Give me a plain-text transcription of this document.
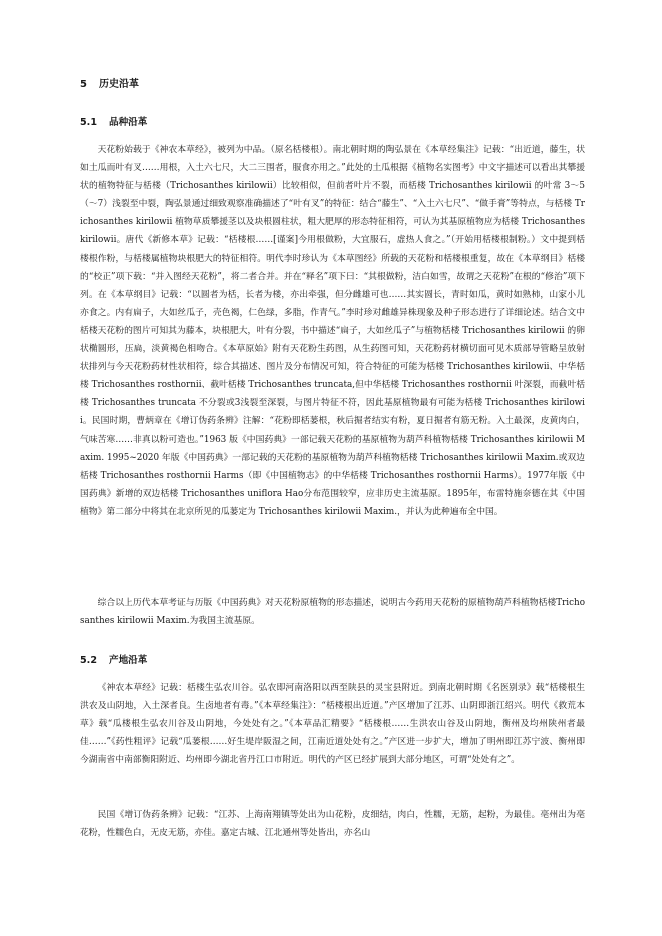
5 历史沿革
5.1 品种沿革

天花粉始载于《神农本草经》，被列为中品。（原名栝楼根）。南北朝时期的陶弘景在《本草经集注》记载：“出近道，藤生，状如土瓜而叶有叉……用根，入土六七尺，大二三围者，服食亦用之。”此处的土瓜根据《植物名实图考》中文字描述可以看出其攀援状的植物特征与栝楼（Trichosanthes kirilowii）比较相似，但前者叶片不裂，而栝楼 Trichosanthes kirilowii 的叶常 3～5（～7）浅裂至中裂，陶弘景通过细致观察准确描述了“叶有叉”的特征：结合“藤生”、“入土六七尺”、“做手膏”等特点，与栝楼 Trichosanthes kirilowii 植物草质攀援茎以及块根圆柱状，粗大肥厚的形态特征相符，可认为其基原植物应为栝楼 Trichosanthes kirilowii。唐代《新修本草》记载：“栝楼根……[谨案]今用根做粉，大宜服石，虚热人食之。”（开始用栝楼根制粉。）文中提到栝楼根作粉，与栝楼属植物块根肥大的特征相符。明代李时珍认为《本草图经》所载的天花粉和栝楼根重复，故在《本草纲目》栝楼的“校正”项下载：“并入图经天花粉”，将二者合并。并在“释名”项下曰：“其根做粉，洁白如雪，故谓之天花粉”在根的“修治”项下列。在《本草纲目》记载：“以圆者为栝，长者为楼，亦出牵强，但分雌雄可也……其实圆长，青时如瓜，黄时如熟柿，山家小儿亦食之。内有扁子，大如丝瓜子，壳色褐，仁色绿，多脂，作青气。”李时珍对雌雄异株现象及种子形态进行了详细论述。结合文中栝楼天花粉的图片可知其为藤本，块根肥大，叶有分裂，书中描述“扁子，大如丝瓜子”与植物栝楼 Trichosanthes kirilowii 的卵状椭圆形，压扁，淡黄褐色相吻合。《本草原始》附有天花粉生药图，从生药图可知，天花粉药材横切面可见木质部导管略呈放射状排列与今天花粉药材性状相符，综合其描述、图片及分布情况可知，符合特征的可能为栝楼 Trichosanthes kirilowii、中华栝楼 Trichosanthes rosthornii、截叶栝楼 Trichosanthes truncata,但中华栝楼 Trichosanthes rosthornii 叶深裂，而截叶栝楼 Trichosanthes truncata 不分裂或3浅裂至深裂，与图片特征不符，因此基原植物最有可能为栝楼 Trichosanthes kirilowii。民国时期，曹炳章在《增订伪药条辨》注解：“花粉即栝蒌根，秋后掘者结实有粉，夏日掘者有筋无粉。入土最深，皮黄肉白，气味苦寒……非真以粉可造也。”1963 版《中国药典》一部记载天花粉的基原植物为葫芦科植物栝楼 Trichosanthes kirilowii Maxim. 1995~2020 年版《中国药典》一部记载的天花粉的基原植物为葫芦科植物栝楼 Trichosanthes kirilowii Maxim.或双边栝楼 Trichosanthes rosthornii Harms（即《中国植物志》的中华栝楼 Trichosanthes rosthornii Harms）。1977年版《中国药典》新增的双边栝楼 Trichosanthes uniflora Hao分布范围较窄，应非历史主流基原。1895年，布雷特施奈德在其《中国植物》第二部分中将其在北京所见的瓜蒌定为 Trichosanthes kirilowii Maxim.，并认为此种遍布全中国。

综合以上历代本草考证与历版《中国药典》对天花粉原植物的形态描述，说明古今药用天花粉的原植物葫芦科植物栝楼Trichosanthes kirilowii Maxim.为我国主流基原。

5.2 产地沿革

《神农本草经》记载：栝楼生弘农川谷。弘农即河南洛阳以西至陕县的灵宝县附近。到南北朝时期《名医别录》载“栝楼根生洪农及山阴地，入土深者良。生卤地者有毒。”《本草经集注》：“栝楼根出近道。”产区增加了江苏、山阴即浙江绍兴。明代《救荒本草》载“瓜楼根生弘农川谷及山阴地，今处处有之。”《本草品汇精要》“栝楼根……生洪农山谷及山阴地，衡州及均州陕州者最佳……”《药性粗评》记载“瓜蒌根……好生堤岸阪湿之间，江南近道处处有之。”产区进一步扩大，增加了明州即江苏宁波、衡州即今湖南省中南部衡阳附近、均州即今湖北省丹江口市附近。明代的产区已经扩展到大部分地区，可谓“处处有之”。

民国《增订伪药条辨》记载：“江苏、上海南翔镇等处出为山花粉，皮细结，肉白，性糯，无筋，起粉，为最佳。亳州出为亳花粉，性糯色白，无皮无筋，亦佳。嘉定古城、江北通州等处皆出，亦名山
